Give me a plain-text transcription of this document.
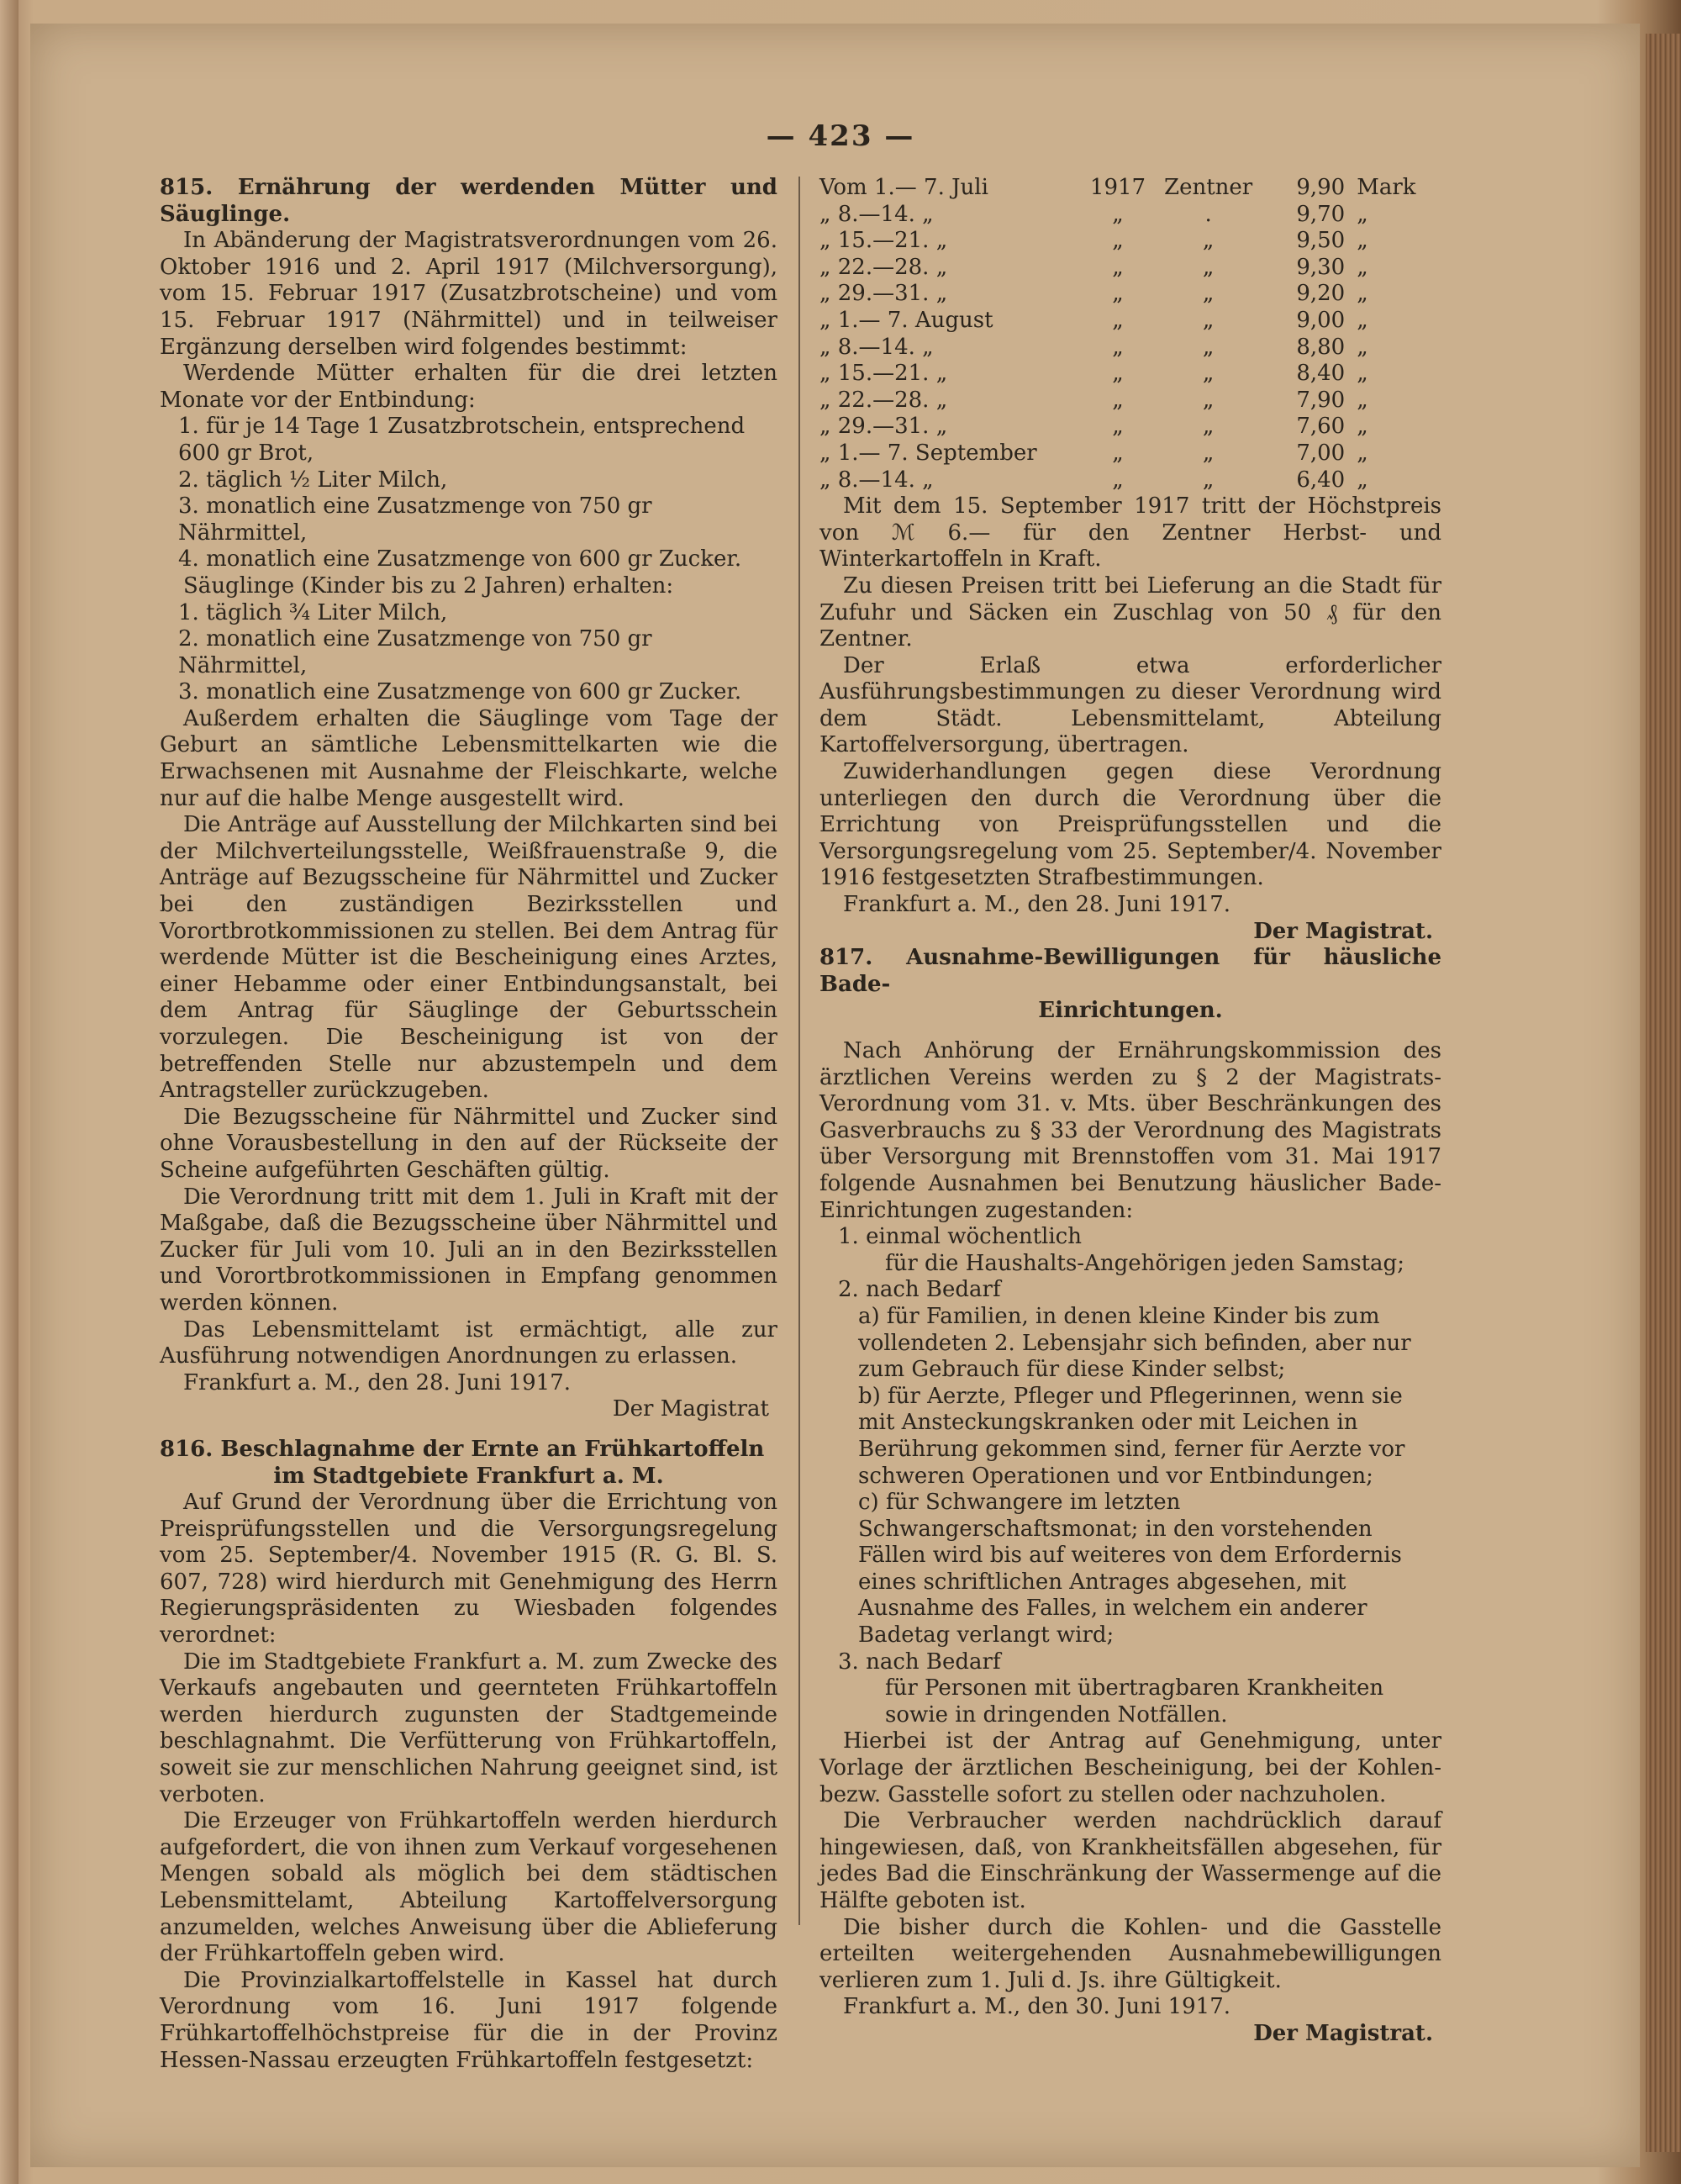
— 423 —

815. Ernährung der werdenden Mütter und Säuglinge.

In Abänderung der Magistratsverordnungen vom 26. Oktober 1916 und 2. April 1917 (Milchversorgung), vom 15. Februar 1917 (Zusatzbrotscheine) und vom 15. Februar 1917 (Nährmittel) und in teilweiser Ergänzung derselben wird folgendes bestimmt:

Werdende Mütter erhalten für die drei letzten Monate vor der Entbindung:

1. für je 14 Tage 1 Zusatzbrotschein, entsprechend 600 gr Brot,

2. täglich ½ Liter Milch,

3. monatlich eine Zusatzmenge von 750 gr Nährmittel,

4. monatlich eine Zusatzmenge von 600 gr Zucker.

Säuglinge (Kinder bis zu 2 Jahren) erhalten:

1. täglich ¾ Liter Milch,

2. monatlich eine Zusatzmenge von 750 gr Nährmittel,

3. monatlich eine Zusatzmenge von 600 gr Zucker.

Außerdem erhalten die Säuglinge vom Tage der Geburt an sämtliche Lebensmittelkarten wie die Erwachsenen mit Ausnahme der Fleischkarte, welche nur auf die halbe Menge ausgestellt wird.

Die Anträge auf Ausstellung der Milchkarten sind bei der Milchverteilungsstelle, Weißfrauenstraße 9, die Anträge auf Bezugsscheine für Nährmittel und Zucker bei den zuständigen Bezirksstellen und Vorortbrotkommissionen zu stellen. Bei dem Antrag für werdende Mütter ist die Bescheinigung eines Arztes, einer Hebamme oder einer Entbindungsanstalt, bei dem Antrag für Säuglinge der Geburtsschein vorzulegen. Die Bescheinigung ist von der betreffenden Stelle nur abzustempeln und dem Antragsteller zurückzugeben.

Die Bezugsscheine für Nährmittel und Zucker sind ohne Vorausbestellung in den auf der Rückseite der Scheine aufgeführten Geschäften gültig.

Die Verordnung tritt mit dem 1. Juli in Kraft mit der Maßgabe, daß die Bezugsscheine über Nährmittel und Zucker für Juli vom 10. Juli an in den Bezirksstellen und Vorortbrotkommissionen in Empfang genommen werden können.

Das Lebensmittelamt ist ermächtigt, alle zur Ausführung notwendigen Anordnungen zu erlassen.

Frankfurt a. M., den 28. Juni 1917.

Der Magistrat

816. Beschlagnahme der Ernte an Frühkartoffeln

im Stadtgebiete Frankfurt a. M.

Auf Grund der Verordnung über die Errichtung von Preisprüfungsstellen und die Versorgungsregelung vom 25. September/4. November 1915 (R. G. Bl. S. 607, 728) wird hierdurch mit Genehmigung des Herrn Regierungspräsidenten zu Wiesbaden folgendes verordnet:

Die im Stadtgebiete Frankfurt a. M. zum Zwecke des Verkaufs angebauten und geernteten Frühkartoffeln werden hierdurch zugunsten der Stadtgemeinde beschlagnahmt. Die Verfütterung von Frühkartoffeln, soweit sie zur menschlichen Nahrung geeignet sind, ist verboten.

Die Erzeuger von Frühkartoffeln werden hierdurch aufgefordert, die von ihnen zum Verkauf vorgesehenen Mengen sobald als möglich bei dem städtischen Lebensmittelamt, Abteilung Kartoffelversorgung anzumelden, welches Anweisung über die Ablieferung der Frühkartoffeln geben wird.

Die Provinzialkartoffelstelle in Kassel hat durch Verordnung vom 16. Juni 1917 folgende Frühkartoffelhöchstpreise für die in der Provinz Hessen-Nassau erzeugten Frühkartoffeln festgesetzt:

Vom 1.— 7. Juli	1917	Zentner	9,90	Mark
„ 8.—14. „	„	.	9,70	„
„ 15.—21. „	„	„	9,50	„
„ 22.—28. „	„	„	9,30	„
„ 29.—31. „	„	„	9,20	„
„ 1.— 7. August	„	„	9,00	„
„ 8.—14. „	„	„	8,80	„
„ 15.—21. „	„	„	8,40	„
„ 22.—28. „	„	„	7,90	„
„ 29.—31. „	„	„	7,60	„
„ 1.— 7. September	„	„	7,00	„
„ 8.—14. „	„	„	6,40	„

Mit dem 15. September 1917 tritt der Höchstpreis von ℳ 6.— für den Zentner Herbst- und Winterkartoffeln in Kraft.

Zu diesen Preisen tritt bei Lieferung an die Stadt für Zufuhr und Säcken ein Zuschlag von 50 ₰ für den Zentner.

Der Erlaß etwa erforderlicher Ausführungsbestimmungen zu dieser Verordnung wird dem Städt. Lebensmittelamt, Abteilung Kartoffelversorgung, übertragen.

Zuwiderhandlungen gegen diese Verordnung unterliegen den durch die Verordnung über die Errichtung von Preisprüfungsstellen und die Versorgungsregelung vom 25. September/4. November 1916 festgesetzten Strafbestimmungen.

Frankfurt a. M., den 28. Juni 1917.

Der Magistrat.

817. Ausnahme-Bewilligungen für häusliche Bade-

Einrichtungen.

Nach Anhörung der Ernährungskommission des ärztlichen Vereins werden zu § 2 der Magistrats-Verordnung vom 31. v. Mts. über Beschränkungen des Gasverbrauchs zu § 33 der Verordnung des Magistrats über Versorgung mit Brennstoffen vom 31. Mai 1917 folgende Ausnahmen bei Benutzung häuslicher Bade-Einrichtungen zugestanden:

1. einmal wöchentlich

für die Haushalts-Angehörigen jeden Samstag;

2. nach Bedarf

a) für Familien, in denen kleine Kinder bis zum vollendeten 2. Lebensjahr sich befinden, aber nur zum Gebrauch für diese Kinder selbst;

b) für Aerzte, Pfleger und Pflegerinnen, wenn sie mit Ansteckungskranken oder mit Leichen in Berührung gekommen sind, ferner für Aerzte vor schweren Operationen und vor Entbindungen;

c) für Schwangere im letzten Schwangerschaftsmonat; in den vorstehenden Fällen wird bis auf weiteres von dem Erfordernis eines schriftlichen Antrages abgesehen, mit Ausnahme des Falles, in welchem ein anderer Badetag verlangt wird;

3. nach Bedarf

für Personen mit übertragbaren Krankheiten sowie in dringenden Notfällen.

Hierbei ist der Antrag auf Genehmigung, unter Vorlage der ärztlichen Bescheinigung, bei der Kohlen- bezw. Gasstelle sofort zu stellen oder nachzuholen.

Die Verbraucher werden nachdrücklich darauf hingewiesen, daß, von Krankheitsfällen abgesehen, für jedes Bad die Einschränkung der Wassermenge auf die Hälfte geboten ist.

Die bisher durch die Kohlen- und die Gasstelle erteilten weitergehenden Ausnahmebewilligungen verlieren zum 1. Juli d. Js. ihre Gültigkeit.

Frankfurt a. M., den 30. Juni 1917.

Der Magistrat.
